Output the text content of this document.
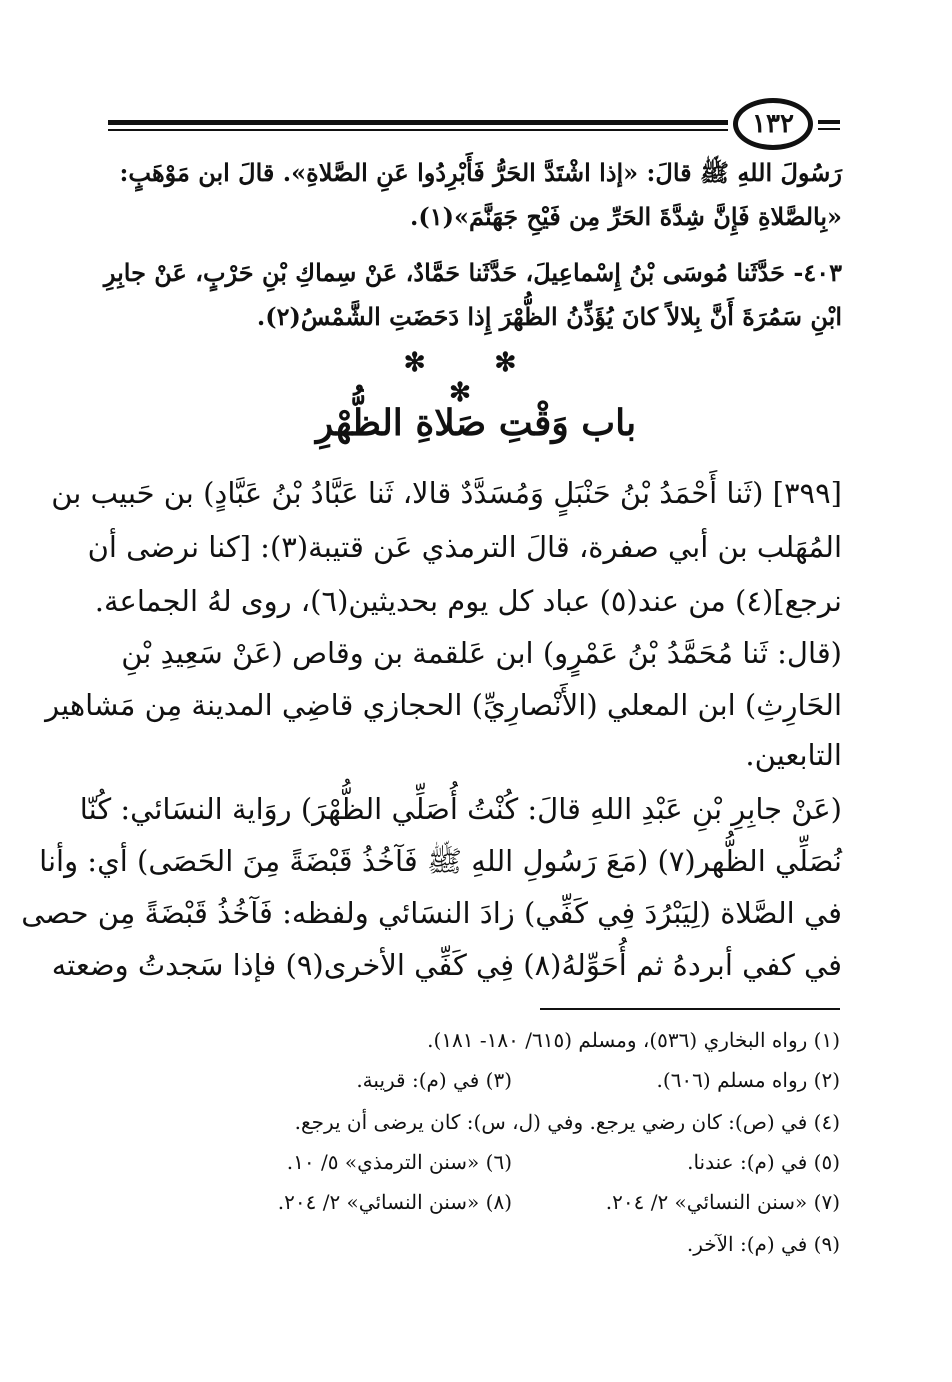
١٣٢
رَسُولَ اللهِ ﷺ قالَ: «إذا اشْتَدَّ الحَرُّ فَأَبْرِدُوا عَنِ الصَّلاةِ». قالَ ابن مَوْهَبٍ:
«بِالصَّلاةِ فَإِنَّ شِدَّةَ الحَرِّ مِن فَيْحِ جَهَنَّمَ»(١).
٤٠٣- حَدَّثَنا مُوسَى بْنُ إِسْماعِيلَ، حَدَّثَنا حَمَّادٌ، عَنْ سِماكِ بْنِ حَرْبٍ، عَنْ جابِرِ
ابْنِ سَمُرَةَ أَنَّ بِلالاً كانَ يُؤَذِّنُ الظُّهْرَ إِذا دَحَضَتِ الشَّمْسُ(٢).
✻ ✻ ✻
باب وَقْتِ صَلاةِ الظُّهْرِ
[٣٩٩] (ثَنا أَحْمَدُ بْنُ حَنْبَلٍ وَمُسَدَّدٌ قالا، ثَنا عَبَّادُ بْنُ عَبَّادٍ) بن حَبيب بن
المُهَلب بن أبي صفرة، قالَ الترمذي عَن قتيبة(٣): [كنا نرضى أن
نرجع](٤) من عند(٥) عباد كل يوم بحديثين(٦)، روى لهُ الجماعة.
(قال: ثَنا مُحَمَّدُ بْنُ عَمْرٍو) ابن عَلقمة بن وقاص (عَنْ سَعِيدِ بْنِ
الحَارِثِ) ابن المعلي (الأَنْصارِيِّ) الحجازي قاضِي المدينة مِن مَشاهير
التابعين.
(عَنْ جابِرِ بْنِ عَبْدِ اللهِ قالَ: كُنْتُ أُصَلِّي الظُّهْرَ) روَاية النسَائي: كُنّا
نُصَلِّي الظُّهر(٧) (مَعَ رَسُولِ اللهِ ﷺ فَآخُذُ قَبْضَةً مِنَ الحَصَى) أي: وأنا
في الصَّلاة (لِيَبْرُدَ فِي كَفِّي) زادَ النسَائي ولفظه: فَآخُذُ قَبْضَةً مِن حصى
في كفي أبردهُ ثم أُحَوِّلهُ(٨) فِي كَفِّي الأخرى(٩) فإذا سَجدتُ وضعته
(١) رواه البخاري (٥٣٦)، ومسلم (٦١٥/ ١٨٠- ١٨١).
(٢) رواه مسلم (٦٠٦).
(٣) في (م): قريبة.
(٤) في (ص): كان رضي يرجع. وفي (ل، س): كان يرضى أن يرجع.
(٥) في (م): عندنا.
(٦) «سنن الترمذي» ٥/ ١٠.
(٧) «سنن النسائي» ٢/ ٢٠٤.
(٨) «سنن النسائي» ٢/ ٢٠٤.
(٩) في (م): الآخر.
